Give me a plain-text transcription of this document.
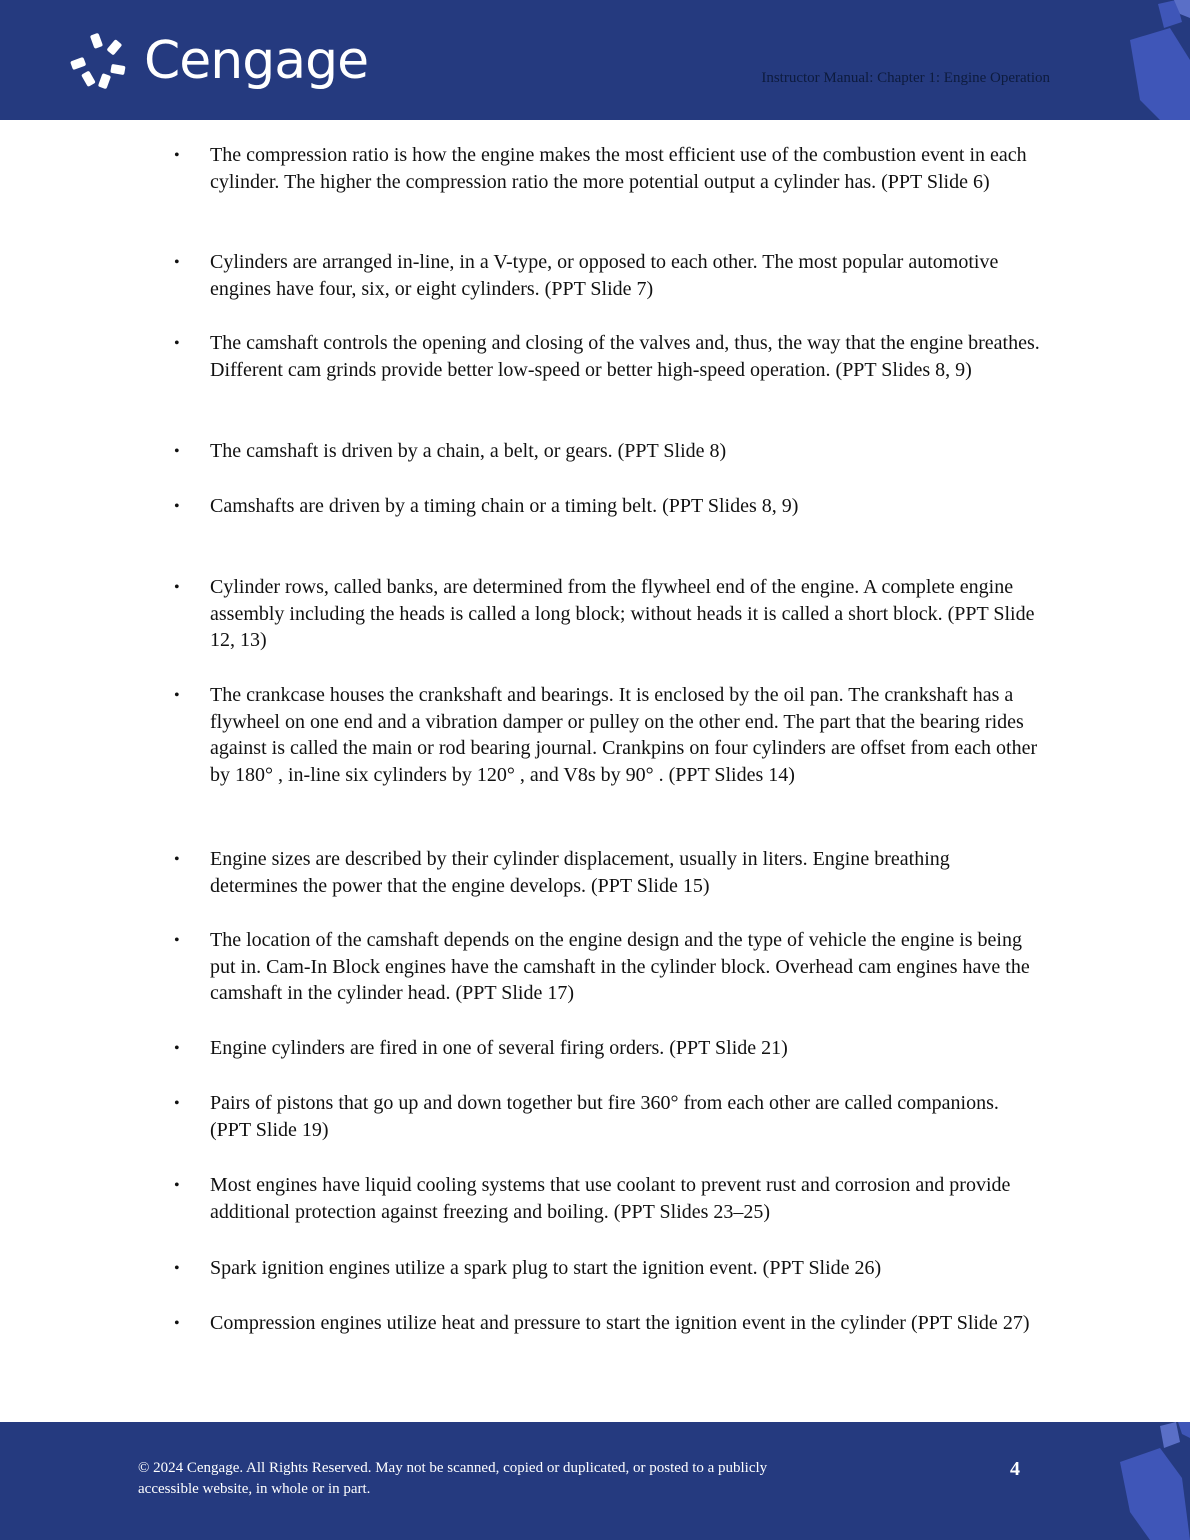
Cengage	Instructor Manual: Chapter 1: Engine Operation
• The compression ratio is how the engine makes the most efficient use of the combustion event in each cylinder. The higher the compression ratio the more potential output a cylinder has. (PPT Slide 6)
• Cylinders are arranged in-line, in a V-type, or opposed to each other. The most popular automotive engines have four, six, or eight cylinders. (PPT Slide 7)
• The camshaft controls the opening and closing of the valves and, thus, the way that the engine breathes. Different cam grinds provide better low-speed or better high-speed operation. (PPT Slides 8, 9)
• The camshaft is driven by a chain, a belt, or gears. (PPT Slide 8)
• Camshafts are driven by a timing chain or a timing belt. (PPT Slides 8, 9)
• Cylinder rows, called banks, are determined from the flywheel end of the engine. A complete engine assembly including the heads is called a long block; without heads it is called a short block. (PPT Slide 12, 13)
• The crankcase houses the crankshaft and bearings. It is enclosed by the oil pan. The crankshaft has a flywheel on one end and a vibration damper or pulley on the other end. The part that the bearing rides against is called the main or rod bearing journal. Crankpins on four cylinders are offset from each other by 180° , in-line six cylinders by 120° , and V8s by 90° . (PPT Slides 14)
• Engine sizes are described by their cylinder displacement, usually in liters. Engine breathing determines the power that the engine develops. (PPT Slide 15)
• The location of the camshaft depends on the engine design and the type of vehicle the engine is being put in. Cam-In Block engines have the camshaft in the cylinder block. Overhead cam engines have the camshaft in the cylinder head. (PPT Slide 17)
• Engine cylinders are fired in one of several firing orders. (PPT Slide 21)
• Pairs of pistons that go up and down together but fire 360° from each other are called companions. (PPT Slide 19)
• Most engines have liquid cooling systems that use coolant to prevent rust and corrosion and provide additional protection against freezing and boiling. (PPT Slides 23–25)
• Spark ignition engines utilize a spark plug to start the ignition event. (PPT Slide 26)
• Compression engines utilize heat and pressure to start the ignition event in the cylinder (PPT Slide 27)
© 2024 Cengage. All Rights Reserved. May not be scanned, copied or duplicated, or posted to a publicly accessible website, in whole or in part.
4
